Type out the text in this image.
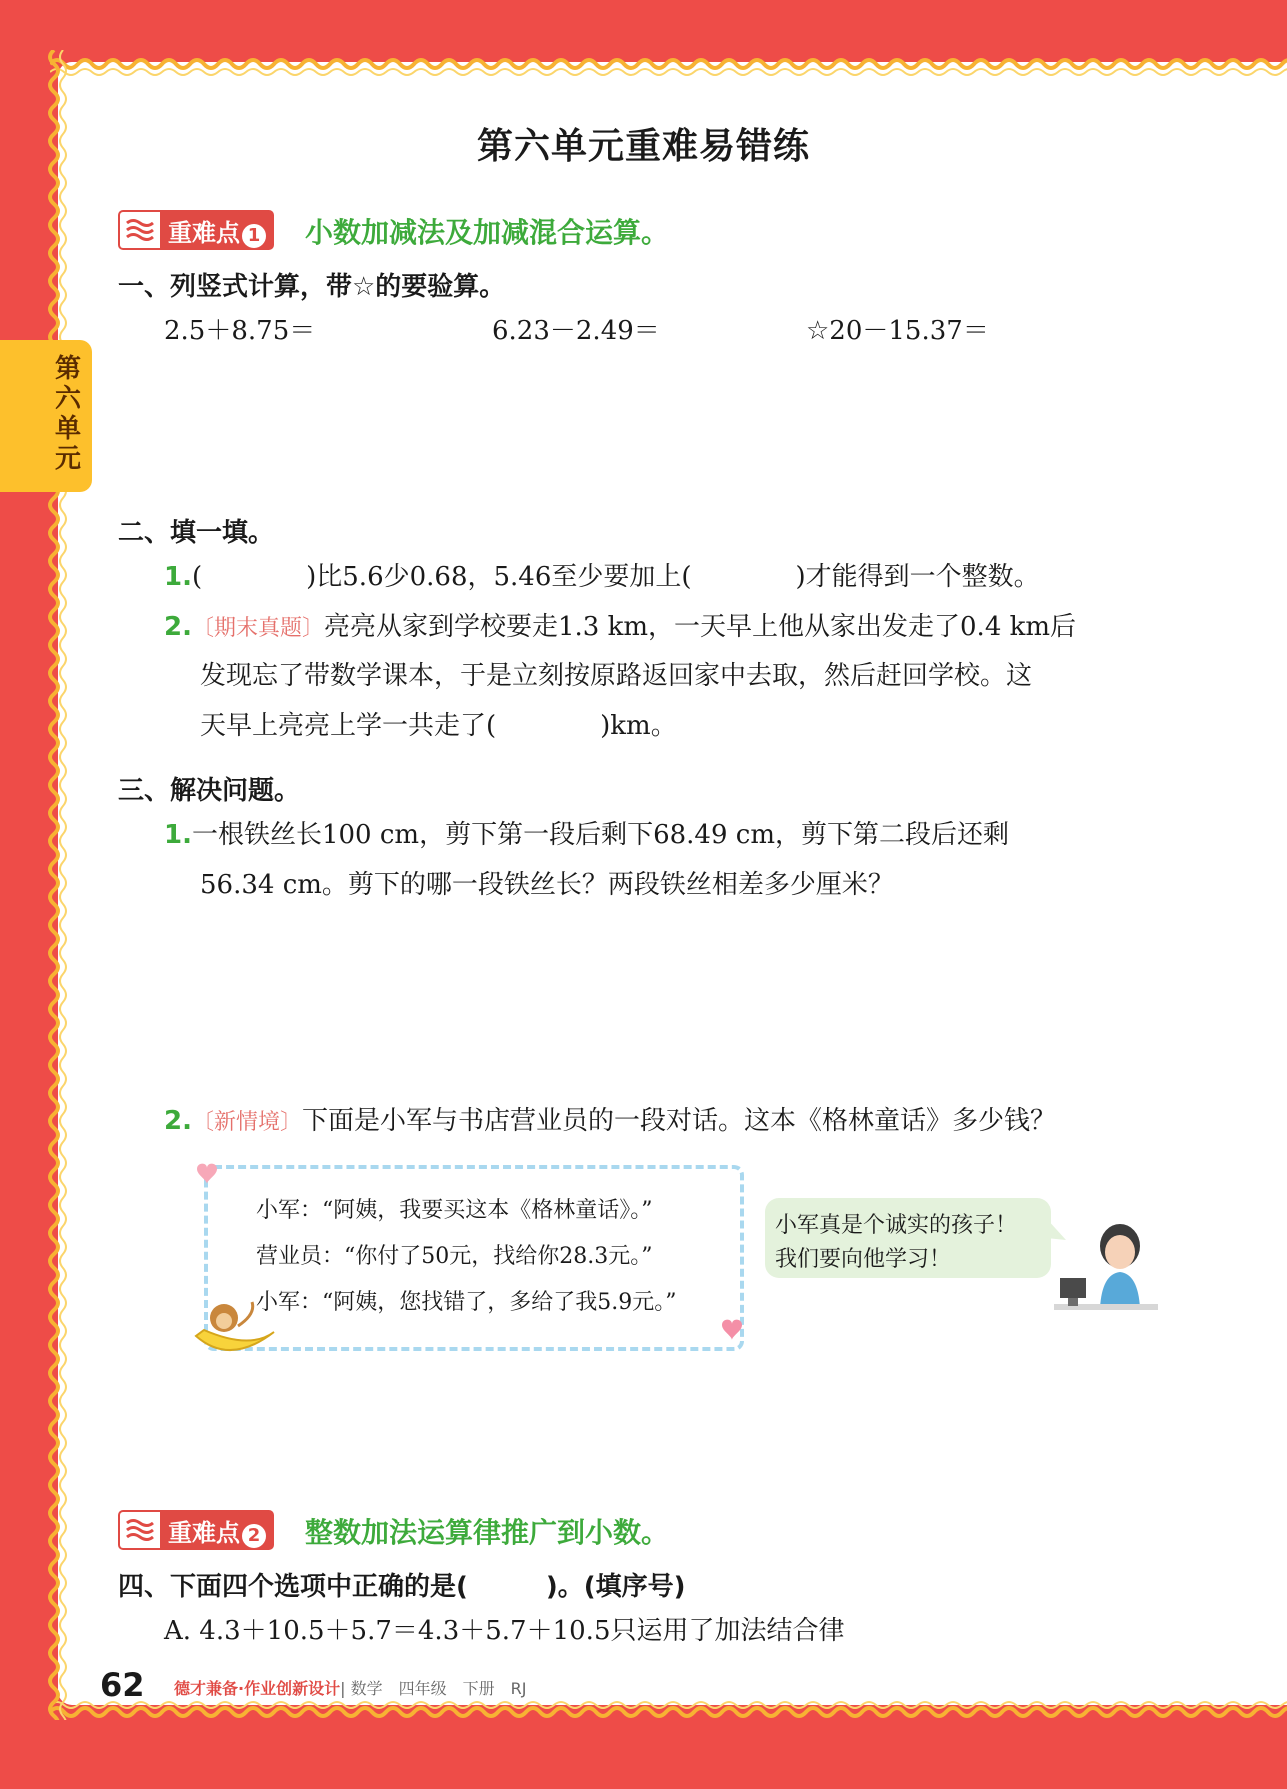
第六单元
第六单元重难易错练
重难点 1	小数加减法及加减混合运算。
一、列竖式计算，带☆的要验算。
2.5＋8.75＝	6.23－2.49＝	☆20－15.37＝
二、填一填。
1.(　　　　)比5.6少0.68，5.46至少要加上(　　　　)才能得到一个整数。
2.〔期末真题〕亮亮从家到学校要走1.3 km，一天早上他从家出发走了0.4 km后
发现忘了带数学课本，于是立刻按原路返回家中去取，然后赶回学校。这
天早上亮亮上学一共走了(　　　　)km。
三、解决问题。
1.一根铁丝长100 cm，剪下第一段后剩下68.49 cm，剪下第二段后还剩
56.34 cm。剪下的哪一段铁丝长？两段铁丝相差多少厘米？
2.〔新情境〕下面是小军与书店营业员的一段对话。这本《格林童话》多少钱？
小军：“阿姨，我要买这本《格林童话》。”
营业员：“你付了50元，找给你28.3元。”
小军：“阿姨，您找错了，多给了我5.9元。”
小军真是个诚实的孩子！
我们要向他学习！
重难点 2	整数加法运算律推广到小数。
四、下面四个选项中正确的是(　　　)。(填序号)
A. 4.3＋10.5＋5.7＝4.3＋5.7＋10.5只运用了加法结合律
62 德才兼备·作业创新设计| 数学　四年级　下册　RJ
